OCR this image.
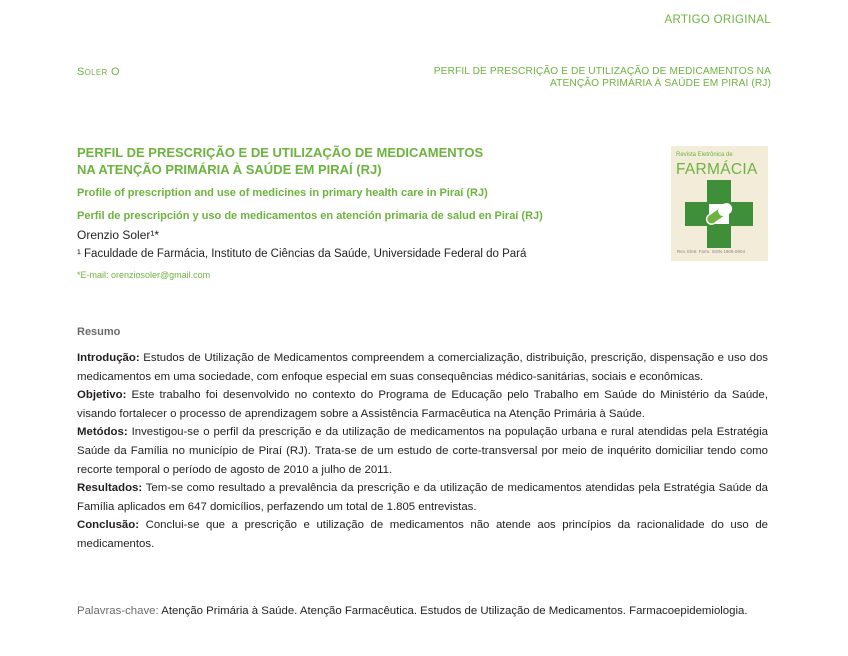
ARTIGO ORIGINAL
Soler O	PERFIL DE PRESCRIÇÃO E DE UTILIZAÇÃO DE MEDICAMENTOS NA ATENÇÃO PRIMÁRIA À SAÚDE EM PIRAÍ (RJ)
PERFIL DE PRESCRIÇÃO E DE UTILIZAÇÃO DE MEDICAMENTOS
NA ATENÇÃO PRIMÁRIA À SAÚDE EM PIRAÍ (RJ)
Profile of prescription and use of medicines in primary health care in Piraí (RJ)
Perfil de prescripción y uso de medicamentos en atención primaria de salud en Piraí (RJ)
Orenzio Soler¹*
¹ Faculdade de Farmácia, Instituto de Ciências da Saúde, Universidade Federal do Pará
*E-mail: orenziosoler@gmail.com
Revista Eletrônica de
FARMÁCIA
Rev. Eletr. Farm. ISSN 1808-0804
Resumo

Introdução: Estudos de Utilização de Medicamentos compreendem a comercialização, distribuição, prescrição, dispensação e uso dos medicamentos em uma sociedade, com enfoque especial em suas consequências médico-sanitárias, sociais e econômicas.

Objetivo: Este trabalho foi desenvolvido no contexto do Programa de Educação pelo Trabalho em Saúde do Ministério da Saúde, visando fortalecer o processo de aprendizagem sobre a Assistência Farmacêutica na Atenção Primária à Saúde.

Metódos: Investigou-se o perfil da prescrição e da utilização de medicamentos na população urbana e rural atendidas pela Estratégia Saúde da Família no município de Piraí (RJ). Trata-se de um estudo de corte-transversal por meio de inquérito domiciliar tendo como recorte temporal o período de agosto de 2010 a julho de 2011.

Resultados: Tem-se como resultado a prevalência da prescrição e da utilização de medicamentos atendidas pela Estratégia Saúde da Família aplicados em 647 domicílios, perfazendo um total de 1.805 entrevistas.

Conclusão: Conclui-se que a prescrição e utilização de medicamentos não atende aos princípios da racionalidade do uso de medicamentos.

Palavras-chave: Atenção Primária à Saúde. Atenção Farmacêutica. Estudos de Utilização de Medicamentos. Farmacoepidemiologia.
